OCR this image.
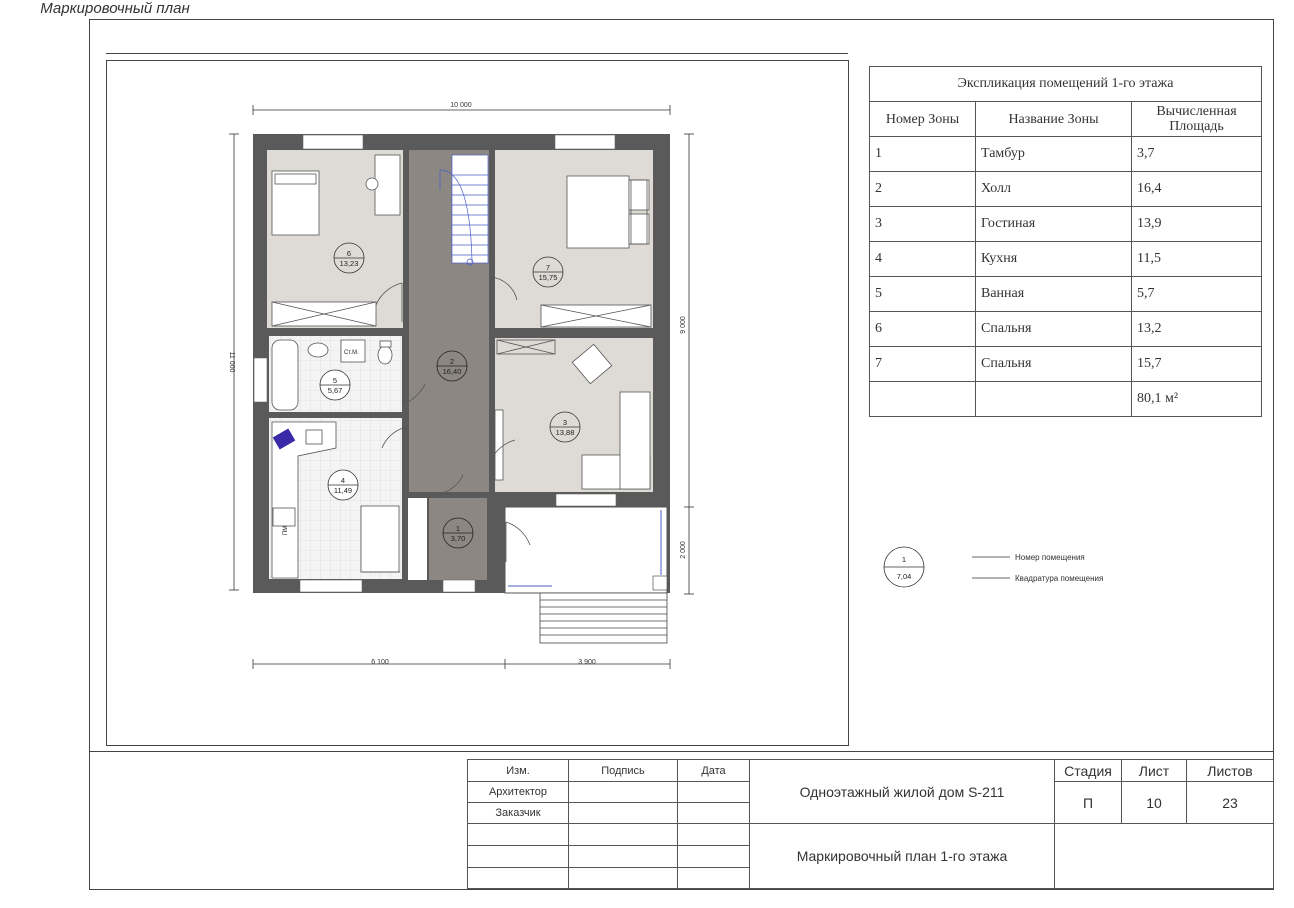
Маркировочный план
10 000
11 000
9 000
2 000
6 100	3 900
Ст.М.
ПМ
6
13,23	7
15,75
2
16,40
5
5,67
3
13,88
4
11,49
1
3,70
1
7,04
Номер помещения
Квадратура помещения
Экспликация помещений 1-го этажа		
Номер Зоны	Название Зоны	Вычисленная Площадь
1	Тамбур	3,7
2	Холл	16,4
3	Гостиная	13,9
4	Кухня	11,5
5	Ванная	5,7
6	Спальня	13,2
7	Спальня	15,7
		80,1 м²
Изм.	Подпись	Дата	Одноэтажный жилой дом S-211	Стадия	Лист	Листов
Архитектор				П	10	23
Заказчик						
			Маркировочный план 1-го этажа			
